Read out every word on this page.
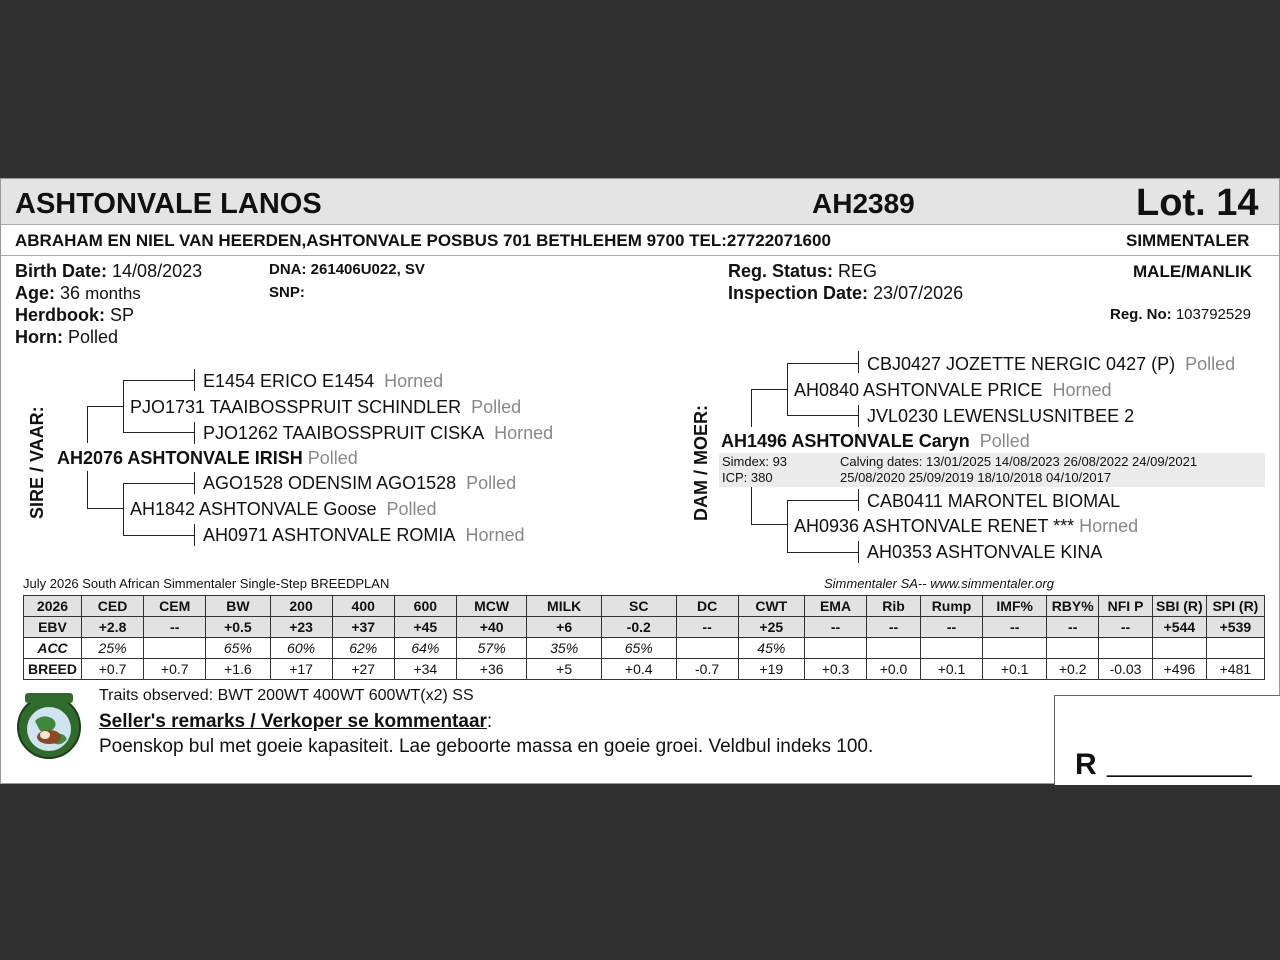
ASHTONVALE LANOS	AH2389	Lot. 14
ABRAHAM EN NIEL VAN HEERDEN,ASHTONVALE POSBUS 701 BETHLEHEM 9700 TEL:27722071600	SIMMENTALER
Birth Date: 14/08/2023
Age: 36 months
Herdbook: SP
Horn: Polled
DNA: 261406U022, SV
SNP:
Reg. Status: REG
Inspection Date: 23/07/2026
MALE/MANLIK
Reg. No: 103792529
SIRE / VAAR:
E1454 ERICO E1454 Horned
PJO1731 TAAIBOSSPRUIT SCHINDLER Polled
PJO1262 TAAIBOSSPRUIT CISKA Horned
AH2076 ASHTONVALE IRISH Polled
AGO1528 ODENSIM AGO1528 Polled
AH1842 ASHTONVALE Goose Polled
AH0971 ASHTONVALE ROMIA Horned
DAM / MOER:
CBJ0427 JOZETTE NERGIC 0427 (P) Polled
AH0840 ASHTONVALE PRICE Horned
JVL0230 LEWENSLUSNITBEE 2
AH1496 ASHTONVALE Caryn Polled
Simdex: 93
ICP: 380
Calving dates: 13/01/2025 14/08/2023 26/08/2022 24/09/2021
25/08/2020 25/09/2019 18/10/2018 04/10/2017
CAB0411 MARONTEL BIOMAL
AH0936 ASHTONVALE RENET *** Horned
AH0353 ASHTONVALE KINA
July 2026 South African Simmentaler Single-Step BREEDPLAN	Simmentaler SA-- www.simmentaler.org
2026	CED	CEM	BW	200	400	600	MCW	MILK	SC	DC	CWT	EMA	Rib	Rump	IMF%	RBY%	NFI P	SBI (R)	SPI (R)
EBV	+2.8	--	+0.5	+23	+37	+45	+40	+6	-0.2	--	+25	--	--	--	--	--	--	+544	+539
ACC	25%		65%	60%	62%	64%	57%	35%	65%		45%								
BREED	+0.7	+0.7	+1.6	+17	+27	+34	+36	+5	+0.4	-0.7	+19	+0.3	+0.0	+0.1	+0.1	+0.2	-0.03	+496	+481
Traits observed: BWT 200WT 400WT 600WT(x2) SS
Seller's remarks / Verkoper se kommentaar:
Poenskop bul met goeie kapasiteit. Lae geboorte massa en goeie groei. Veldbul indeks 100.
R __________
